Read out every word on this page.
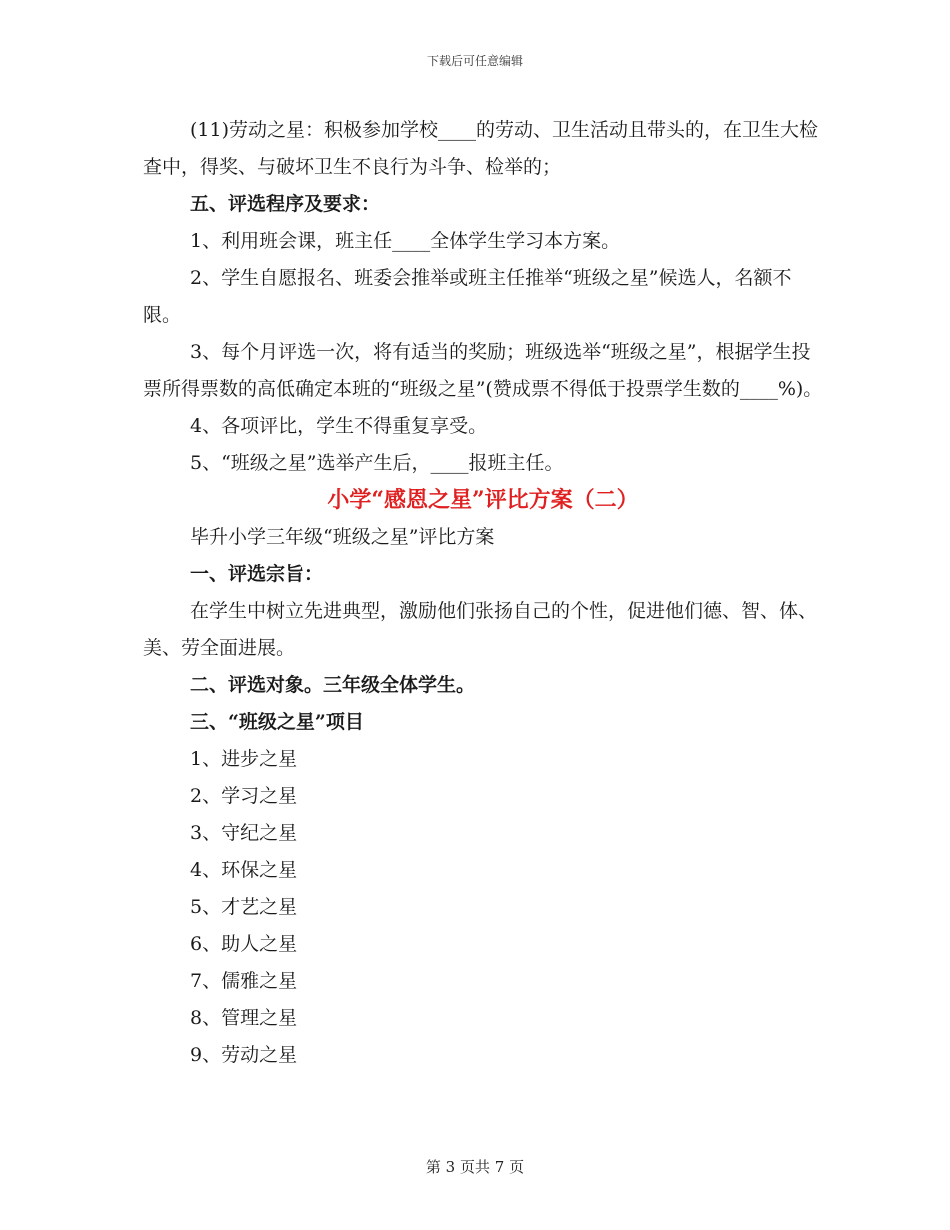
下载后可任意编辑

(11)劳动之星：积极参加学校____的劳动、卫生活动且带头的，在卫生大检查中，得奖、与破坏卫生不良行为斗争、检举的；

五、评选程序及要求：

1、利用班会课，班主任____全体学生学习本方案。

2、学生自愿报名、班委会推举或班主任推举“班级之星”候选人，名额不限。

3、每个月评选一次，将有适当的奖励；班级选举“班级之星”，根据学生投票所得票数的高低确定本班的“班级之星”(赞成票不得低于投票学生数的____%)。

4、各项评比，学生不得重复享受。

5、“班级之星”选举产生后，____报班主任。

小学“感恩之星”评比方案（二）

毕升小学三年级“班级之星”评比方案

一、评选宗旨：

在学生中树立先进典型，激励他们张扬自己的个性，促进他们德、智、体、美、劳全面进展。

二、评选对象。三年级全体学生。

三、“班级之星”项目

1、进步之星

2、学习之星

3、守纪之星

4、环保之星

5、才艺之星

6、助人之星

7、儒雅之星

8、管理之星

9、劳动之星

第 3 页共 7 页
